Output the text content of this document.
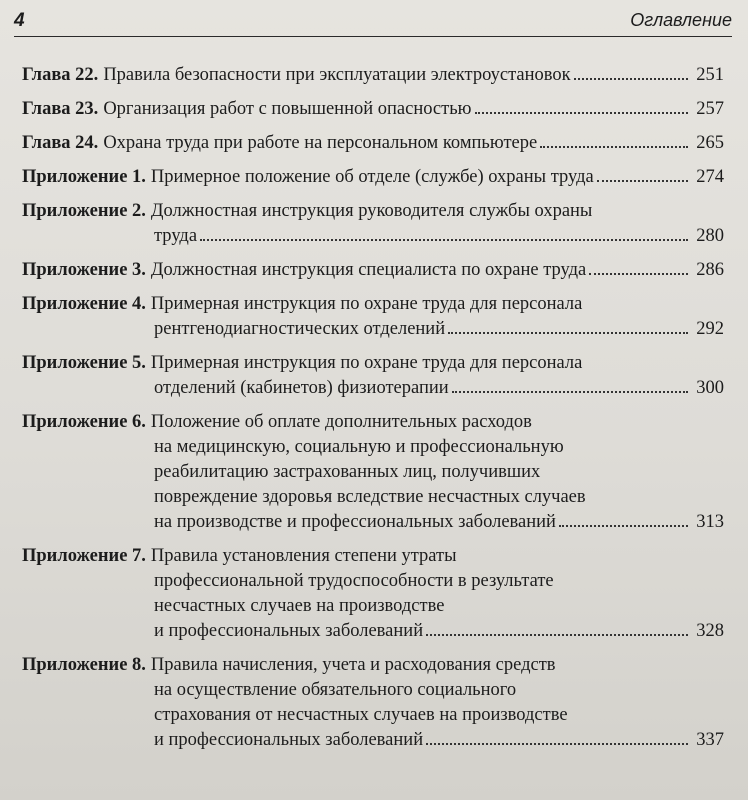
4	Оглавление
Глава 22. Правила безопасности при эксплуатации электроустановок	251
Глава 23. Организация работ с повышенной опасностью	257
Глава 24. Охрана труда при работе на персональном компьютере	265
Приложение 1. Примерное положение об отделе (службе) охраны труда	274
Приложение 2. Должностная инструкция руководителя службы охраны
труда	280
Приложение 3. Должностная инструкция специалиста по охране труда	286
Приложение 4. Примерная инструкция по охране труда для персонала
рентгенодиагностических отделений	292
Приложение 5. Примерная инструкция по охране труда для персонала
отделений (кабинетов) физиотерапии	300
Приложение 6. Положение об оплате дополнительных расходов
на медицинскую, социальную и профессиональную
реабилитацию застрахованных лиц, получивших
повреждение здоровья вследствие несчастных случаев
на производстве и профессиональных заболеваний	313
Приложение 7. Правила установления степени утраты
профессиональной трудоспособности в результате
несчастных случаев на производстве
и профессиональных заболеваний	328
Приложение 8. Правила начисления, учета и расходования средств
на осуществление обязательного социального
страхования от несчастных случаев на производстве
и профессиональных заболеваний	337
